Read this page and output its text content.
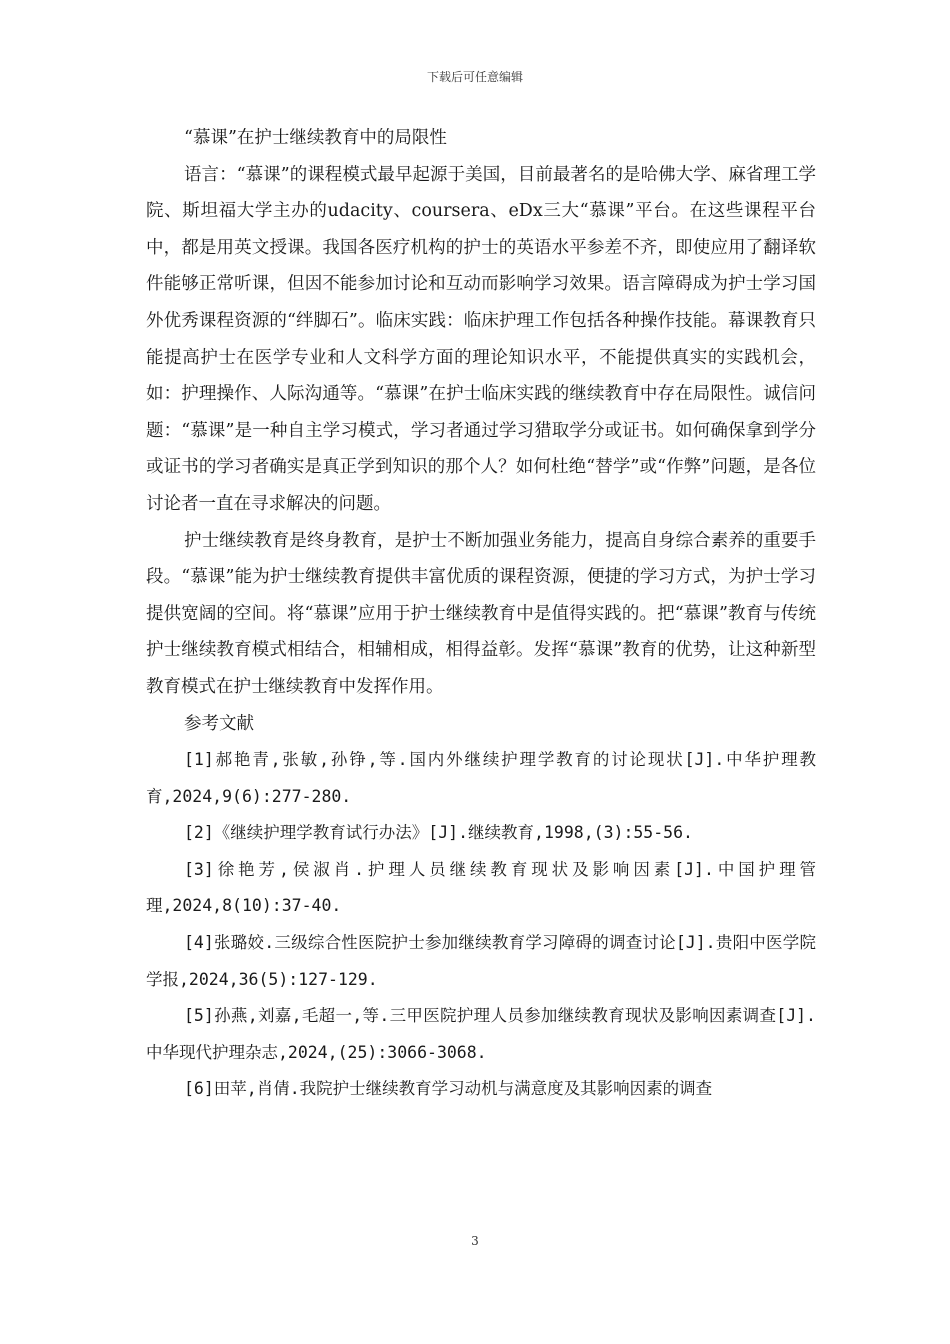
下载后可任意编辑

“慕课”在护士继续教育中的局限性

语言：“慕课”的课程模式最早起源于美国，目前最著名的是哈佛大学、麻省理工学院、斯坦福大学主办的udacity、coursera、eDx三大“慕课”平台。在这些课程平台中，都是用英文授课。我国各医疗机构的护士的英语水平参差不齐，即使应用了翻译软件能够正常听课，但因不能参加讨论和互动而影响学习效果。语言障碍成为护士学习国外优秀课程资源的“绊脚石”。临床实践：临床护理工作包括各种操作技能。幕课教育只能提高护士在医学专业和人文科学方面的理论知识水平，不能提供真实的实践机会，如：护理操作、人际沟通等。“慕课”在护士临床实践的继续教育中存在局限性。诚信问题：“慕课”是一种自主学习模式，学习者通过学习猎取学分或证书。如何确保拿到学分或证书的学习者确实是真正学到知识的那个人？如何杜绝“替学”或“作弊”问题，是各位讨论者一直在寻求解决的问题。

护士继续教育是终身教育，是护士不断加强业务能力，提高自身综合素养的重要手段。“慕课”能为护士继续教育提供丰富优质的课程资源，便捷的学习方式，为护士学习提供宽阔的空间。将“慕课”应用于护士继续教育中是值得实践的。把“慕课”教育与传统护士继续教育模式相结合，相辅相成，相得益彰。发挥“慕课”教育的优势，让这种新型教育模式在护士继续教育中发挥作用。

参考文献

[1]郝艳青,张敏,孙铮,等.国内外继续护理学教育的讨论现状[J].中华护理教育,2024,9(6):277-280.

[2]《继续护理学教育试行办法》[J].继续教育,1998,(3):55-56.

[3]徐艳芳,侯淑肖.护理人员继续教育现状及影响因素[J].中国护理管理,2024,8(10):37-40.

[4]张璐姣.三级综合性医院护士参加继续教育学习障碍的调查讨论[J].贵阳中医学院学报,2024,36(5):127-129.

[5]孙燕,刘嘉,毛超一,等.三甲医院护理人员参加继续教育现状及影响因素调查[J].中华现代护理杂志,2024,(25):3066-3068.

[6]田苹,肖倩.我院护士继续教育学习动机与满意度及其影响因素的调查

3
